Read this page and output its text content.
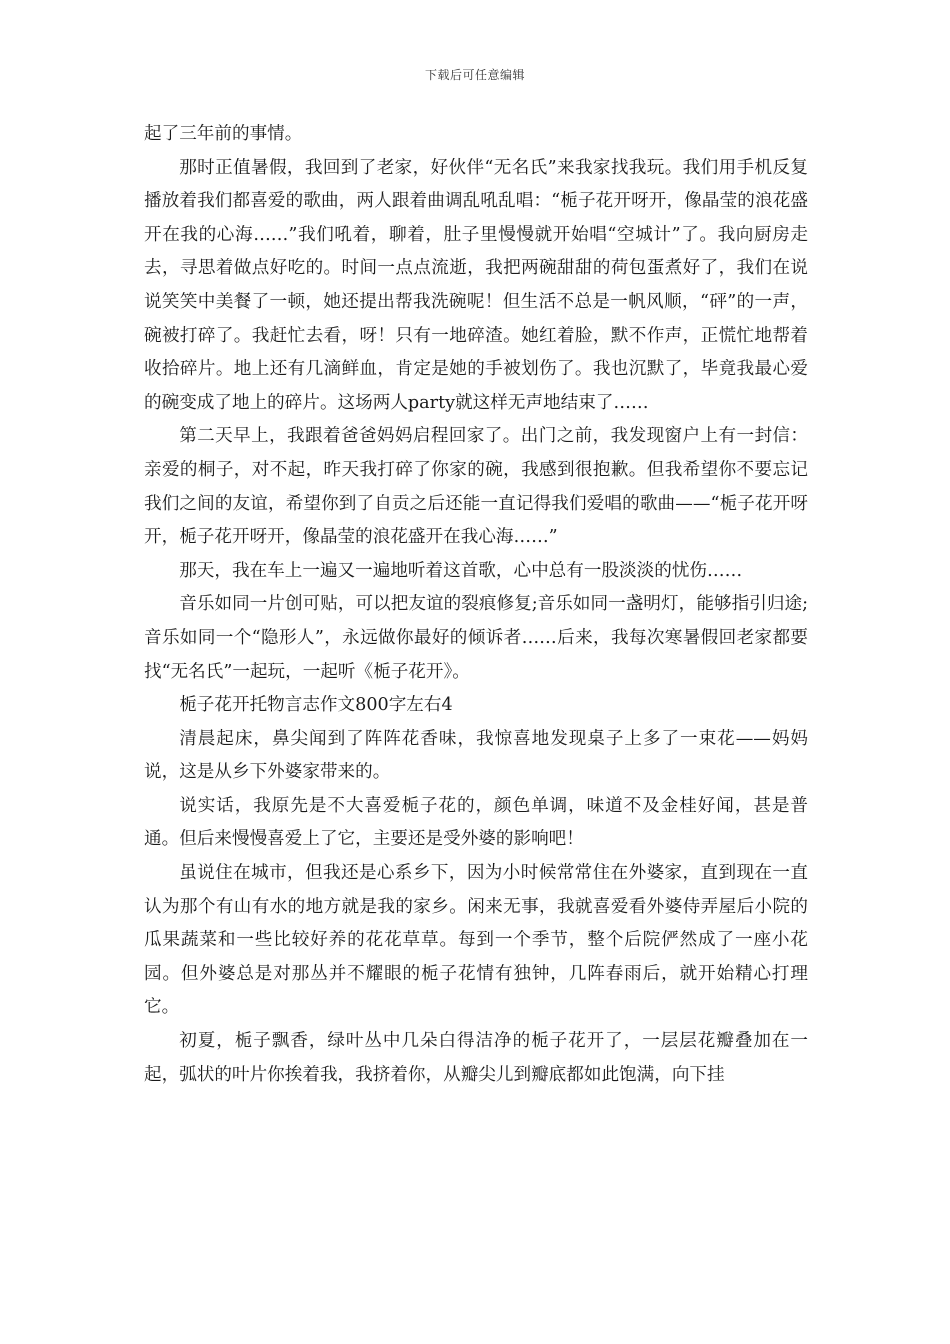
下载后可任意编辑

起了三年前的事情。

那时正值暑假，我回到了老家，好伙伴“无名氏”来我家找我玩。我们用手机反复播放着我们都喜爱的歌曲，两人跟着曲调乱吼乱唱：“栀子花开呀开，像晶莹的浪花盛开在我的心海……”我们吼着，聊着，肚子里慢慢就开始唱“空城计”了。我向厨房走去，寻思着做点好吃的。时间一点点流逝，我把两碗甜甜的荷包蛋煮好了，我们在说说笑笑中美餐了一顿，她还提出帮我洗碗呢！但生活不总是一帆风顺，“砰”的一声，碗被打碎了。我赶忙去看，呀！只有一地碎渣。她红着脸，默不作声，正慌忙地帮着收拾碎片。地上还有几滴鲜血，肯定是她的手被划伤了。我也沉默了，毕竟我最心爱的碗变成了地上的碎片。这场两人party就这样无声地结束了……

第二天早上，我跟着爸爸妈妈启程回家了。出门之前，我发现窗户上有一封信：亲爱的桐子，对不起，昨天我打碎了你家的碗，我感到很抱歉。但我希望你不要忘记我们之间的友谊，希望你到了自贡之后还能一直记得我们爱唱的歌曲——“栀子花开呀开，栀子花开呀开，像晶莹的浪花盛开在我心海……”

那天，我在车上一遍又一遍地听着这首歌，心中总有一股淡淡的忧伤……

音乐如同一片创可贴，可以把友谊的裂痕修复;音乐如同一盏明灯，能够指引归途;音乐如同一个“隐形人”，永远做你最好的倾诉者……后来，我每次寒暑假回老家都要找“无名氏”一起玩，一起听《栀子花开》。

栀子花开托物言志作文800字左右4

清晨起床，鼻尖闻到了阵阵花香味，我惊喜地发现桌子上多了一束花——妈妈说，这是从乡下外婆家带来的。

说实话，我原先是不大喜爱栀子花的，颜色单调，味道不及金桂好闻，甚是普通。但后来慢慢喜爱上了它，主要还是受外婆的影响吧！

虽说住在城市，但我还是心系乡下，因为小时候常常住在外婆家，直到现在一直认为那个有山有水的地方就是我的家乡。闲来无事，我就喜爱看外婆侍弄屋后小院的瓜果蔬菜和一些比较好养的花花草草。每到一个季节，整个后院俨然成了一座小花园。但外婆总是对那丛并不耀眼的栀子花情有独钟，几阵春雨后，就开始精心打理它。

初夏，栀子飘香，绿叶丛中几朵白得洁净的栀子花开了，一层层花瓣叠加在一起，弧状的叶片你挨着我，我挤着你，从瓣尖儿到瓣底都如此饱满，向下挂
